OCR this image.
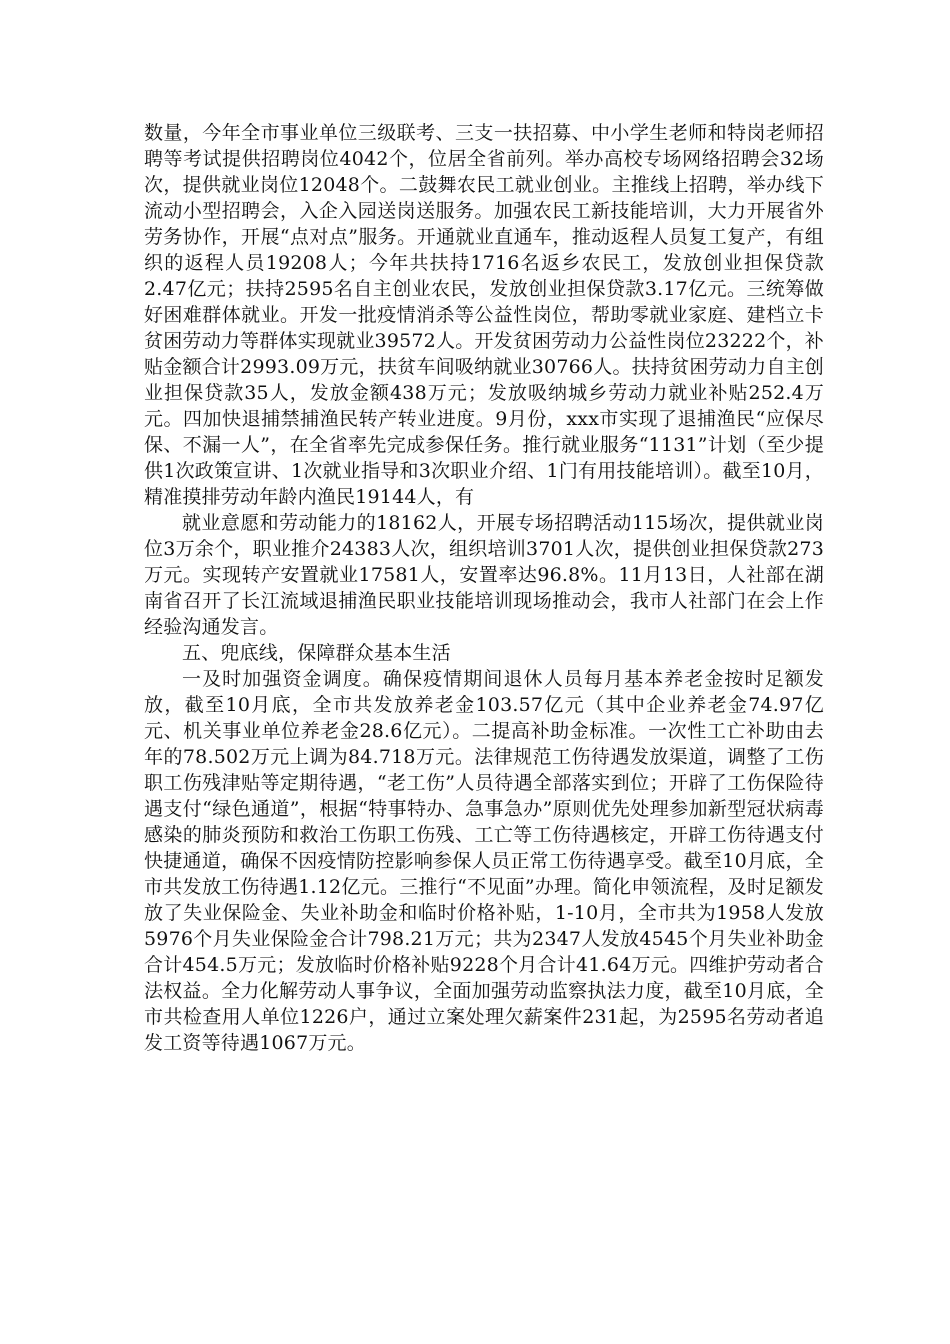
数量，今年全市事业单位三级联考、三支一扶招募、中小学生老师和特岗老师招聘等考试提供招聘岗位4042个，位居全省前列。举办高校专场网络招聘会32场次，提供就业岗位12048个。二鼓舞农民工就业创业。主推线上招聘，举办线下流动小型招聘会，入企入园送岗送服务。加强农民工新技能培训，大力开展省外劳务协作，开展“点对点”服务。开通就业直通车，推动返程人员复工复产，有组织的返程人员19208人；今年共扶持1716名返乡农民工，发放创业担保贷款2.47亿元；扶持2595名自主创业农民，发放创业担保贷款3.17亿元。三统筹做好困难群体就业。开发一批疫情消杀等公益性岗位，帮助零就业家庭、建档立卡贫困劳动力等群体实现就业39572人。开发贫困劳动力公益性岗位23222个，补贴金额合计2993.09万元，扶贫车间吸纳就业30766人。扶持贫困劳动力自主创业担保贷款35人，发放金额438万元；发放吸纳城乡劳动力就业补贴252.4万元。四加快退捕禁捕渔民转产转业进度。9月份，xxx市实现了退捕渔民“应保尽保、不漏一人”，在全省率先完成参保任务。推行就业服务“1131”计划（至少提供1次政策宣讲、1次就业指导和3次职业介绍、1门有用技能培训）。截至10月，精准摸排劳动年龄内渔民19144人，有

就业意愿和劳动能力的18162人，开展专场招聘活动115场次，提供就业岗位3万余个，职业推介24383人次，组织培训3701人次，提供创业担保贷款273万元。实现转产安置就业17581人，安置率达96.8%。11月13日，人社部在湖南省召开了长江流域退捕渔民职业技能培训现场推动会，我市人社部门在会上作经验沟通发言。

五、兜底线，保障群众基本生活

一及时加强资金调度。确保疫情期间退休人员每月基本养老金按时足额发放，截至10月底，全市共发放养老金103.57亿元（其中企业养老金74.97亿元、机关事业单位养老金28.6亿元）。二提高补助金标准。一次性工亡补助由去年的78.502万元上调为84.718万元。法律规范工伤待遇发放渠道，调整了工伤职工伤残津贴等定期待遇，“老工伤”人员待遇全部落实到位；开辟了工伤保险待遇支付“绿色通道”，根据“特事特办、急事急办”原则优先处理参加新型冠状病毒感染的肺炎预防和救治工伤职工伤残、工亡等工伤待遇核定，开辟工伤待遇支付快捷通道，确保不因疫情防控影响参保人员正常工伤待遇享受。截至10月底，全市共发放工伤待遇1.12亿元。三推行“不见面”办理。简化申领流程，及时足额发放了失业保险金、失业补助金和临时价格补贴，1-10月，全市共为1958人发放5976个月失业保险金合计798.21万元；共为2347人发放4545个月失业补助金合计454.5万元；发放临时价格补贴9228个月合计41.64万元。四维护劳动者合法权益。全力化解劳动人事争议，全面加强劳动监察执法力度，截至10月底，全市共检查用人单位1226户，通过立案处理欠薪案件231起，为2595名劳动者追发工资等待遇1067万元。
